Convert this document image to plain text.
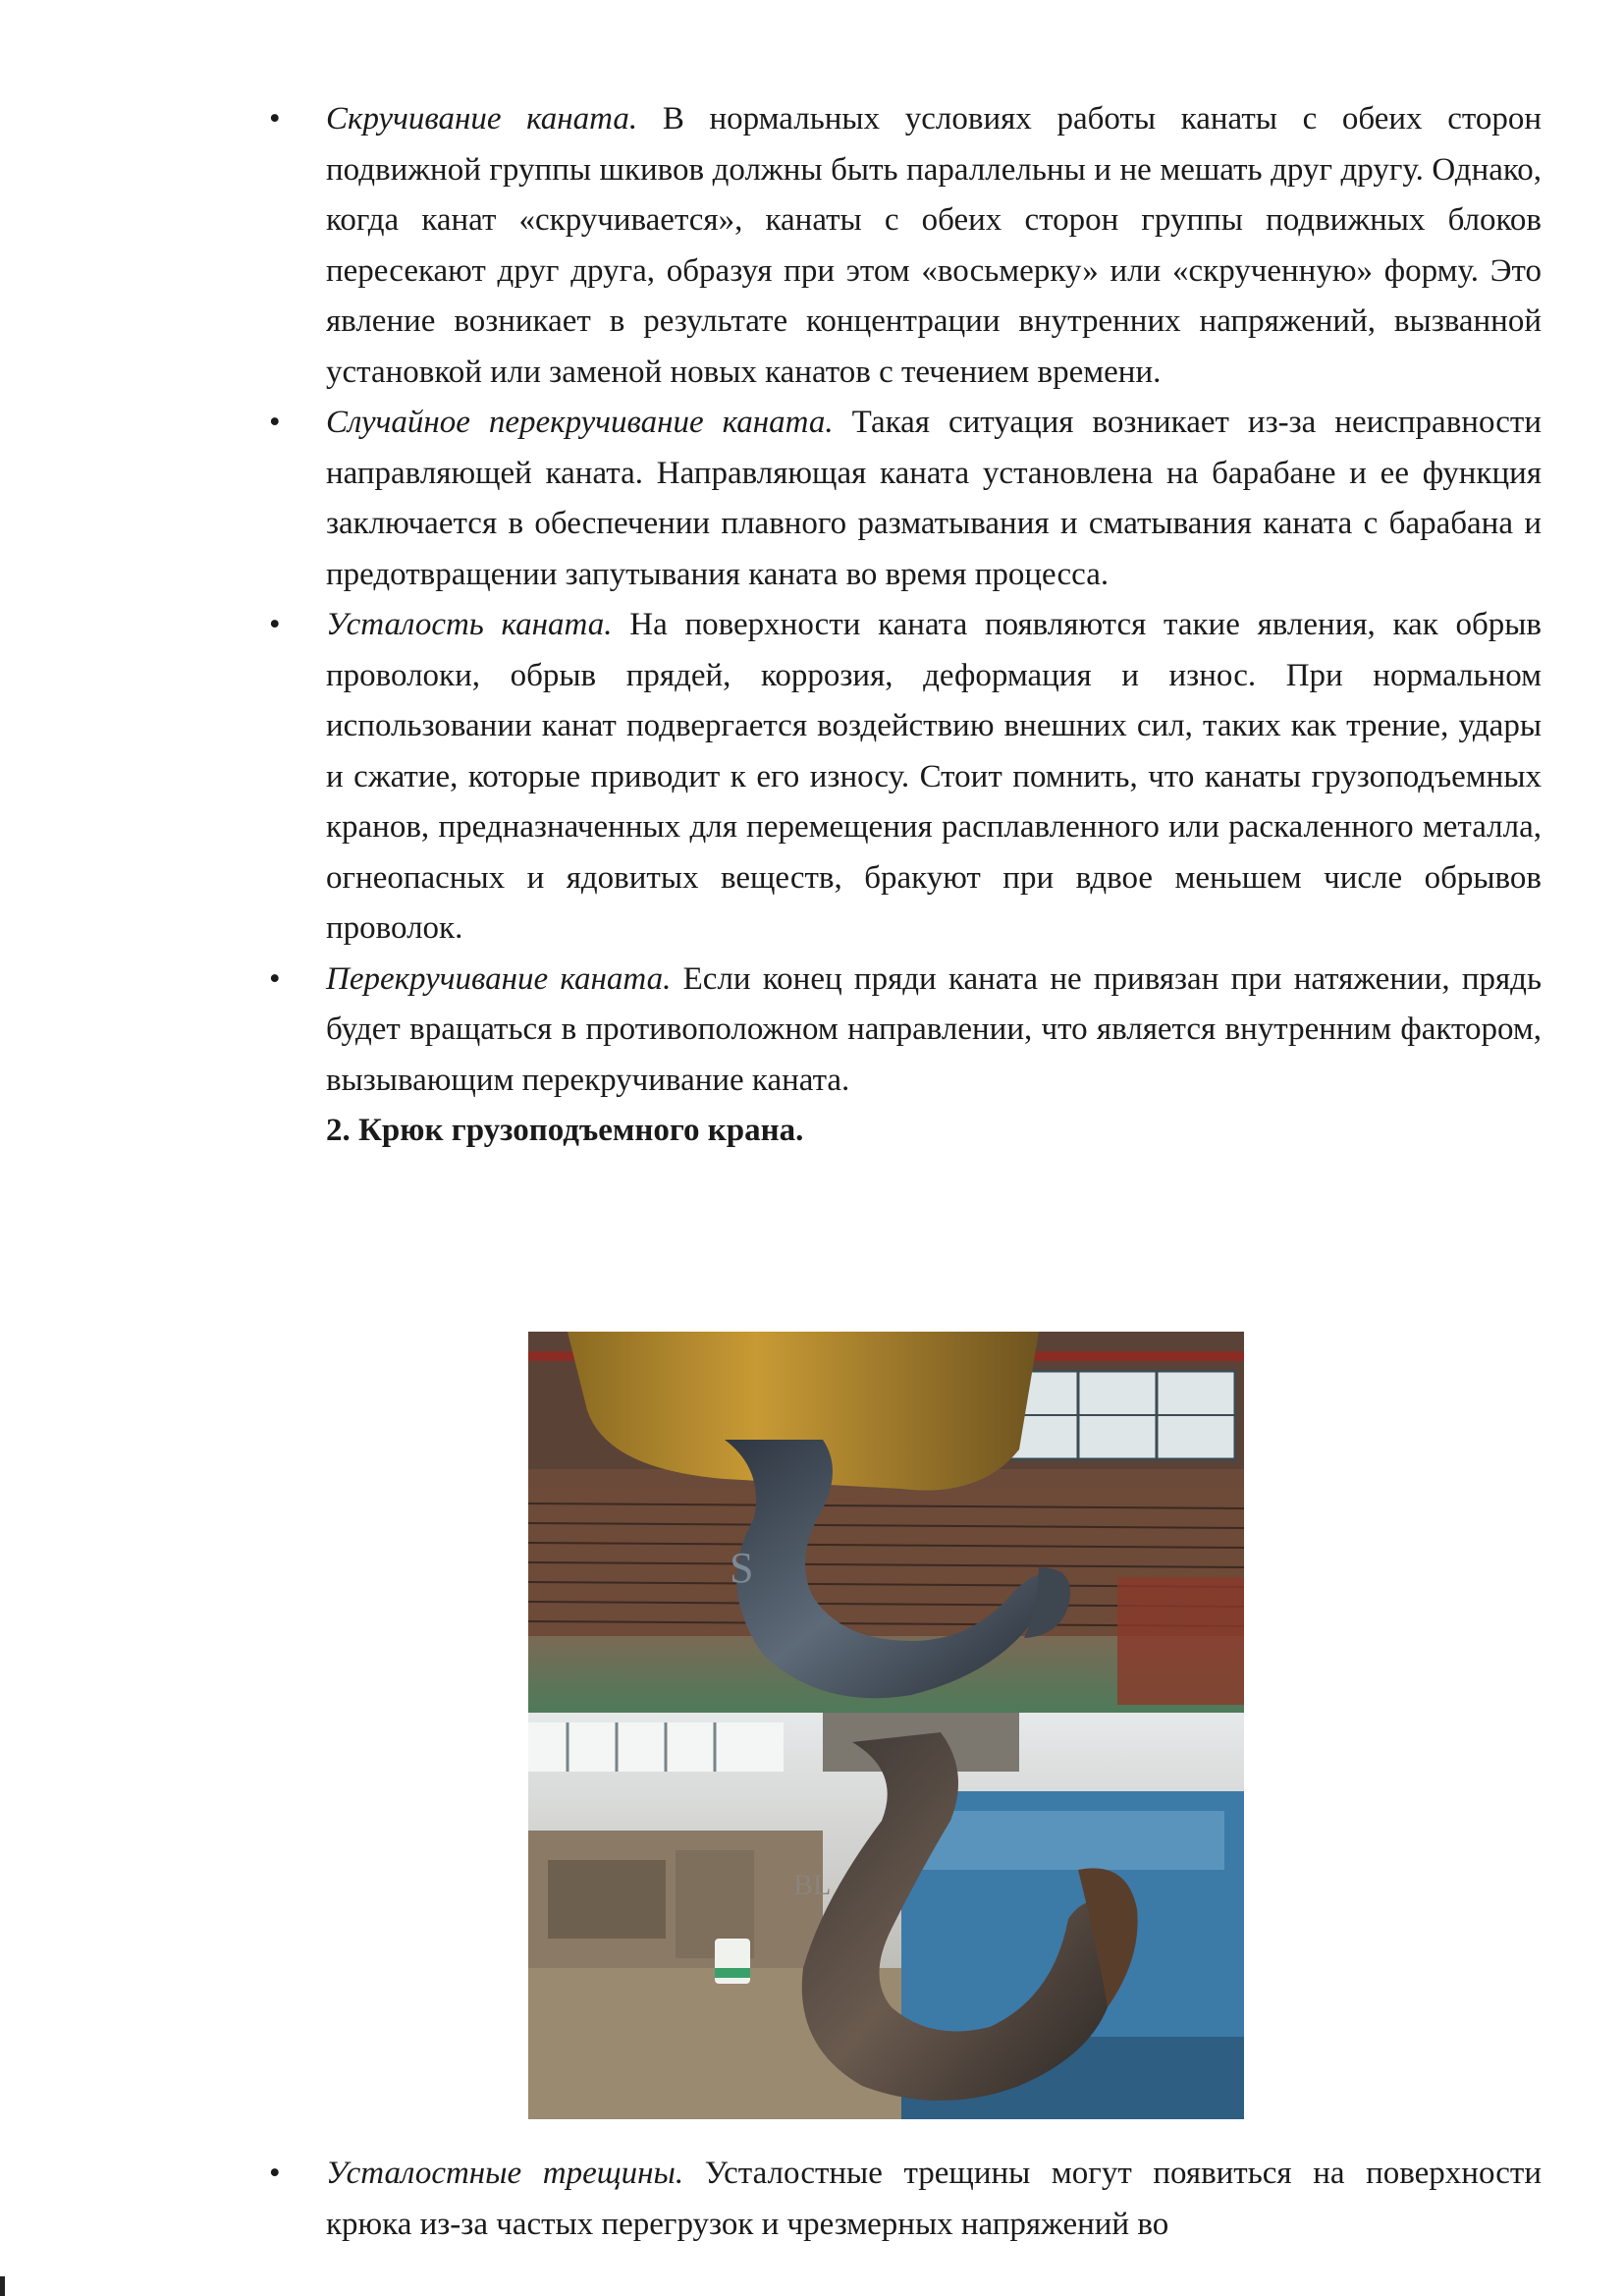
• Скручивание каната. В нормальных условиях работы канаты с обеих сторон подвижной группы шкивов должны быть параллельны и не мешать друг другу. Однако, когда канат «скручивается», канаты с обеих сторон группы подвижных блоков пересекают друг друга, образуя при этом «восьмерку» или «скрученную» форму. Это явление возникает в результате концентрации внутренних напряжений, вызванной установкой или заменой новых канатов с течением времени.
• Случайное перекручивание каната. Такая ситуация возникает из-за неисправности направляющей каната. Направляющая каната установлена на барабане и ее функция заключается в обеспечении плавного разматывания и сматывания каната с барабана и предотвращении запутывания каната во время процесса.
• Усталость каната. На поверхности каната появляются такие явления, как обрыв проволоки, обрыв прядей, коррозия, деформация и износ. При нормальном использовании канат подвергается воздействию внешних сил, таких как трение, удары и сжатие, которые приводит к его износу. Стоит помнить, что канаты грузоподъемных кранов, предназначенных для перемещения расплавленного или раскаленного металла, огнеопасных и ядовитых веществ, бракуют при вдвое меньшем числе обрывов проволок.
• Перекручивание каната. Если конец пряди каната не привязан при натяжении, прядь будет вращаться в противоположном направлении, что является внутренним фактором, вызывающим перекручивание каната.
2. Крюк грузоподъемного крана.
S
BL
• Усталостные трещины. Усталостные трещины могут появиться на поверхности крюка из-за частых перегрузок и чрезмерных напряжений во
